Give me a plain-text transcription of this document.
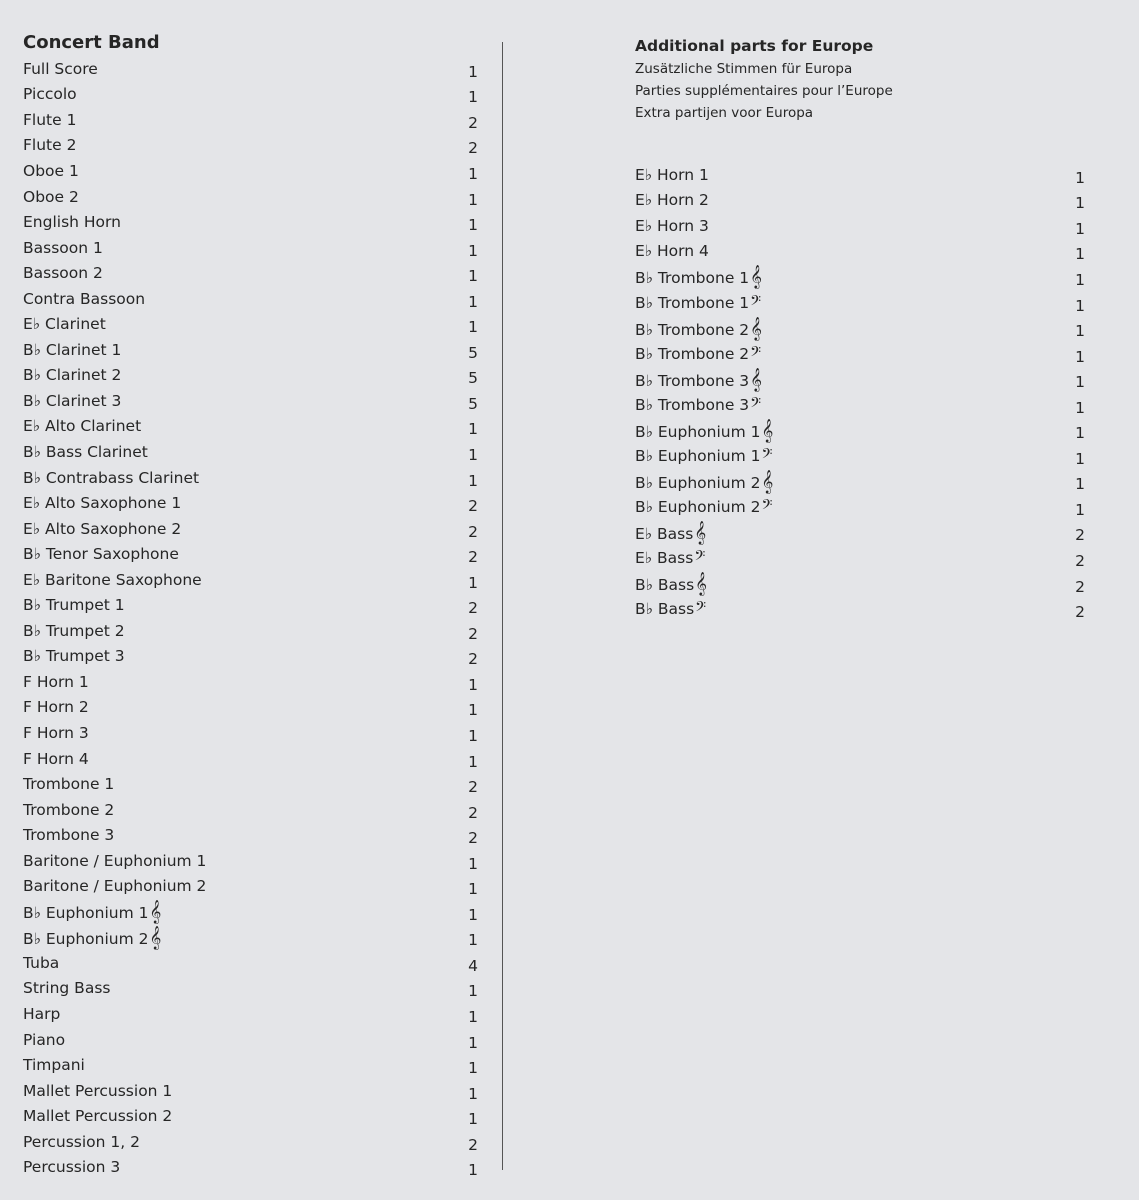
Concert Band
Full Score	1
Piccolo	1
Flute 1	2
Flute 2	2
Oboe 1	1
Oboe 2	1
English Horn	1
Bassoon 1	1
Bassoon 2	1
Contra Bassoon	1
E♭ Clarinet	1
B♭ Clarinet 1	5
B♭ Clarinet 2	5
B♭ Clarinet 3	5
E♭ Alto Clarinet	1
B♭ Bass Clarinet	1
B♭ Contrabass Clarinet	1
E♭ Alto Saxophone 1	2
E♭ Alto Saxophone 2	2
B♭ Tenor Saxophone	2
E♭ Baritone Saxophone	1
B♭ Trumpet 1	2
B♭ Trumpet 2	2
B♭ Trumpet 3	2
F Horn 1	1
F Horn 2	1
F Horn 3	1
F Horn 4	1
Trombone 1	2
Trombone 2	2
Trombone 3	2
Baritone / Euphonium 1	1
Baritone / Euphonium 2	1
B♭ Euphonium 1𝄞	1
B♭ Euphonium 2𝄞	1
Tuba	4
String Bass	1
Harp	1
Piano	1
Timpani	1
Mallet Percussion 1	1
Mallet Percussion 2	1
Percussion 1, 2	2
Percussion 3	1
Additional parts for Europe
Zusätzliche Stimmen für Europa
Parties supplémentaires pour l’Europe
Extra partijen voor Europa
E♭ Horn 1	1
E♭ Horn 2	1
E♭ Horn 3	1
E♭ Horn 4	1
B♭ Trombone 1𝄞	1
B♭ Trombone 1𝄢	1
B♭ Trombone 2𝄞	1
B♭ Trombone 2𝄢	1
B♭ Trombone 3𝄞	1
B♭ Trombone 3𝄢	1
B♭ Euphonium 1𝄞	1
B♭ Euphonium 1𝄢	1
B♭ Euphonium 2𝄞	1
B♭ Euphonium 2𝄢	1
E♭ Bass𝄞	2
E♭ Bass𝄢	2
B♭ Bass𝄞	2
B♭ Bass𝄢	2
